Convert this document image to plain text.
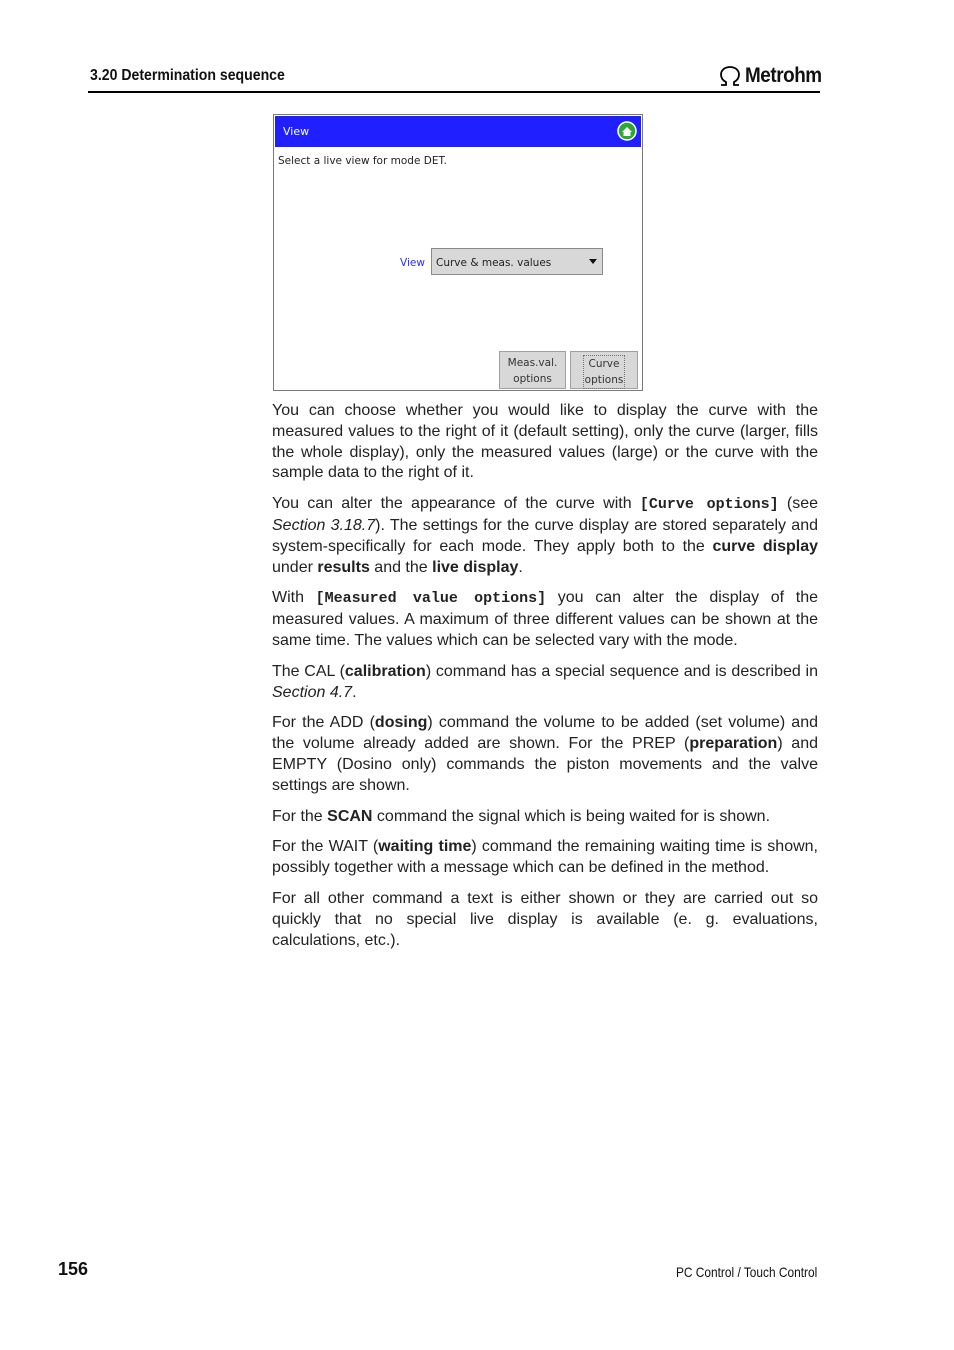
3.20 Determination sequence	Metrohm
View
Select a live view for mode DET.
View Curve & meas. values
Meas.val.
options
Curve
options

You can choose whether you would like to display the curve with the measured values to the right of it (default setting), only the curve (larger, fills the whole display), only the measured values (large) or the curve with the sample data to the right of it.

You can alter the appearance of the curve with [Curve options] (see Section 3.18.7). The settings for the curve display are stored separately and system-specifically for each mode. They apply both to the curve display under results and the live display.

With [Measured value options] you can alter the display of the measured values. A maximum of three different values can be shown at the same time. The values which can be selected vary with the mode.

The CAL (calibration) command has a special sequence and is described in Section 4.7.

For the ADD (dosing) command the volume to be added (set volume) and the volume already added are shown. For the PREP (preparation) and EMPTY (Dosino only) commands the piston movements and the valve settings are shown.

For the SCAN command the signal which is being waited for is shown.

For the WAIT (waiting time) command the remaining waiting time is shown, possibly together with a message which can be defined in the method.

For all other command a text is either shown or they are carried out so quickly that no special live display is available (e. g. evaluations, calculations, etc.).

156	PC Control / Touch Control
